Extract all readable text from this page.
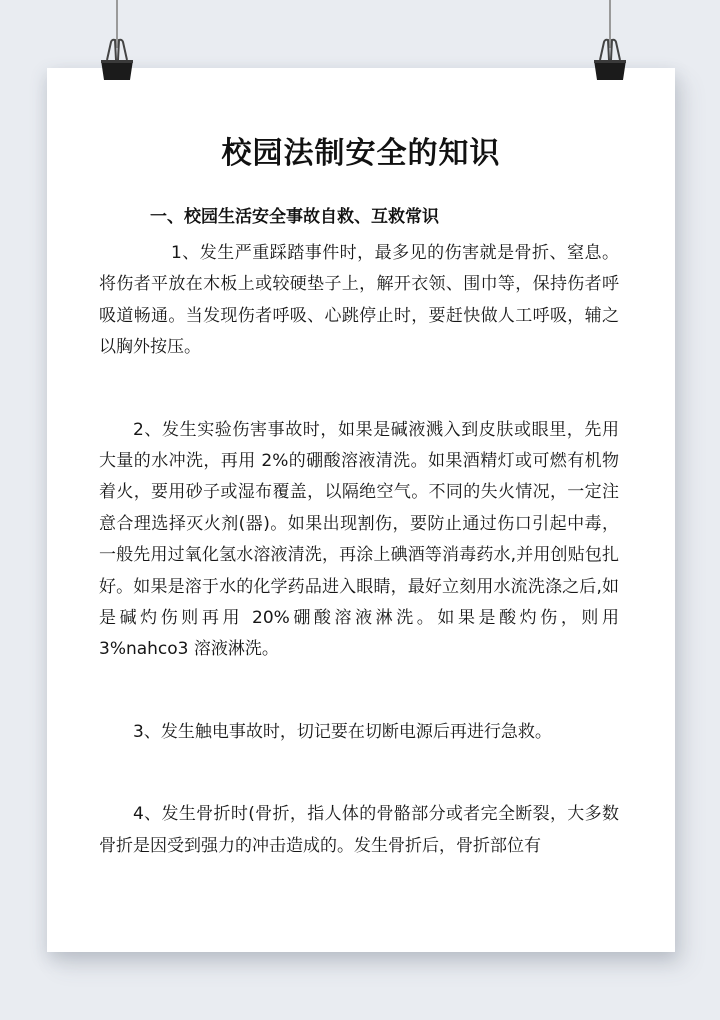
校园法制安全的知识
一、校园生活安全事故自救、互救常识

1、发生严重踩踏事件时，最多见的伤害就是骨折、窒息。将伤者平放在木板上或较硬垫子上，解开衣领、围巾等，保持伤者呼吸道畅通。当发现伤者呼吸、心跳停止时，要赶快做人工呼吸，辅之以胸外按压。

2、发生实验伤害事故时，如果是碱液溅入到皮肤或眼里，先用大量的水冲洗，再用 2%的硼酸溶液清洗。如果酒精灯或可燃有机物着火，要用砂子或湿布覆盖，以隔绝空气。不同的失火情况，一定注意合理选择灭火剂(器)。如果出现割伤，要防止通过伤口引起中毒，一般先用过氧化氢水溶液清洗，再涂上碘酒等消毒药水,并用创贴包扎好。如果是溶于水的化学药品进入眼睛，最好立刻用水流洗涤之后,如是碱灼伤则再用 20%硼酸溶液淋洗。如果是酸灼伤，则用 3%nahco3 溶液淋洗。

3、发生触电事故时，切记要在切断电源后再进行急救。

4、发生骨折时(骨折，指人体的骨骼部分或者完全断裂，大多数骨折是因受到强力的冲击造成的。发生骨折后，骨折部位有
